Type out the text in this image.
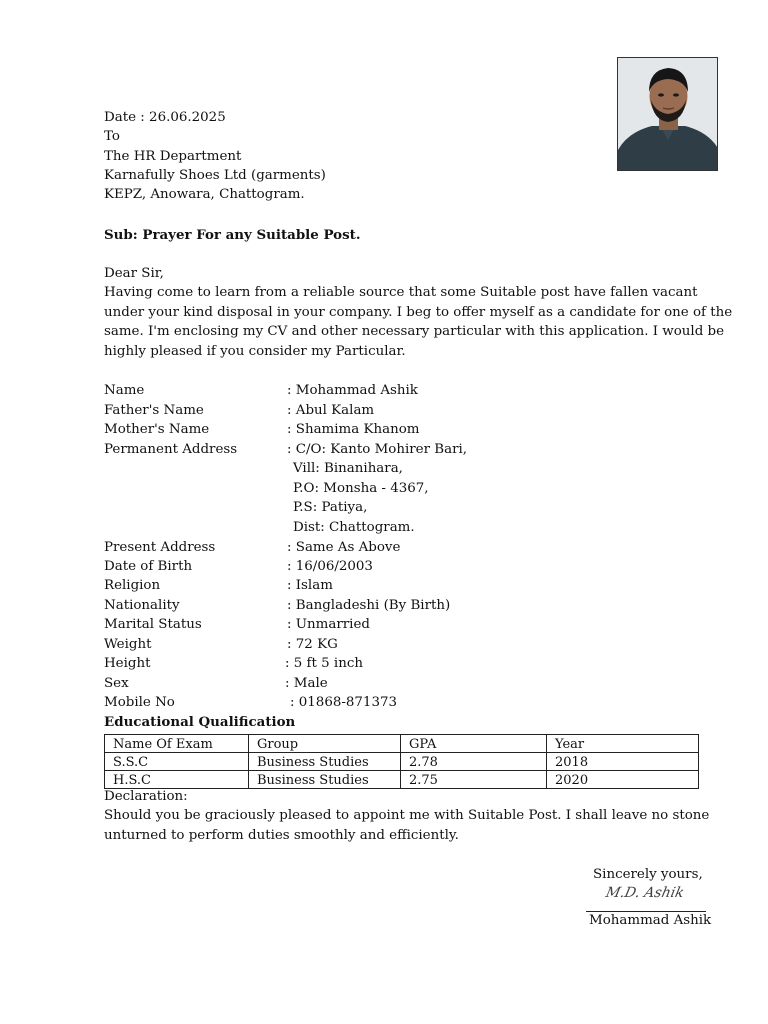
Date : 26.06.2025
To
The HR Department
Karnafully Shoes Ltd (garments)
KEPZ, Anowara, Chattogram.
Sub: Prayer For any Suitable Post.
Dear Sir,
Having come to learn from a reliable source that some Suitable post have fallen vacant
under your kind disposal in your company. I beg to offer myself as a candidate for one of the
same. I'm enclosing my CV and other necessary particular with this application. I would be
highly pleased if you consider my Particular.
Name	: Mohammad Ashik
Father's Name	: Abul Kalam
Mother's Name	: Shamima Khanom
Permanent Address	: C/O: Kanto Mohirer Bari,
Vill: Binanihara,
P.O: Monsha - 4367,
P.S: Patiya,
Dist: Chattogram.
Present Address	: Same As Above
Date of Birth	: 16/06/2003
Religion	: Islam
Nationality	: Bangladeshi (By Birth)
Marital Status	: Unmarried
Weight	: 72 KG
Height	: 5 ft 5 inch
Sex	: Male
Mobile No	: 01868-871373
Educational Qualification
Name Of Exam	Group	GPA	Year
S.S.C	Business Studies	2.78	2018
H.S.C	Business Studies	2.75	2020
Declaration:
Should you be graciously pleased to appoint me with Suitable Post. I shall leave no stone
unturned to perform duties smoothly and efficiently.
Sincerely yours,
M.D. Ashik
Mohammad Ashik
